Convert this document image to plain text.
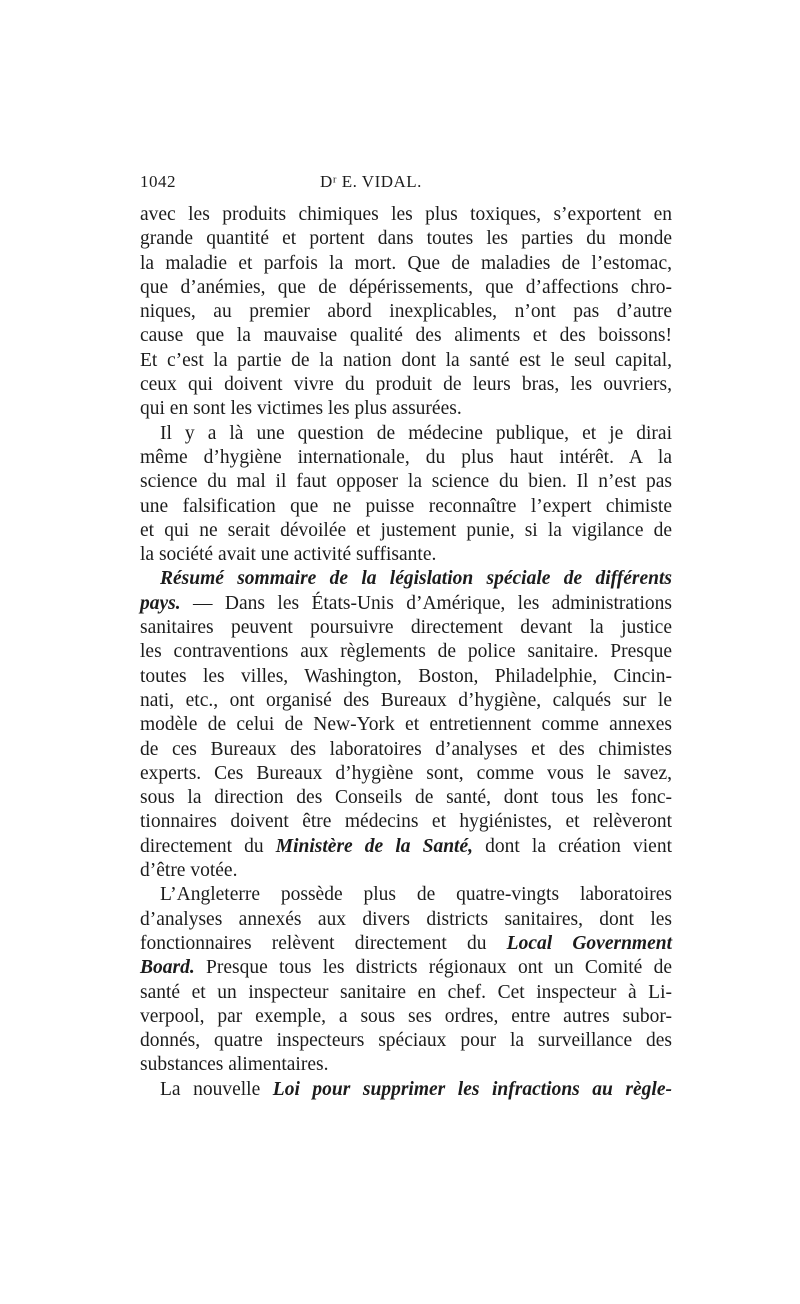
1042	Dʳ E. VIDAL.
avec les produits chimiques les plus toxiques, s’exportent en
grande quantité et portent dans toutes les parties du monde
la maladie et parfois la mort. Que de maladies de l’estomac,
que d’anémies, que de dépérissements, que d’affections chro-
niques, au premier abord inexplicables, n’ont pas d’autre
cause que la mauvaise qualité des aliments et des boissons!
Et c’est la partie de la nation dont la santé est le seul capital,
ceux qui doivent vivre du produit de leurs bras, les ouvriers,
qui en sont les victimes les plus assurées.
Il y a là une question de médecine publique, et je dirai
même d’hygiène internationale, du plus haut intérêt. A la
science du mal il faut opposer la science du bien. Il n’est pas
une falsification que ne puisse reconnaître l’expert chimiste
et qui ne serait dévoilée et justement punie, si la vigilance de
la société avait une activité suffisante.
Résumé sommaire de la législation spéciale de différents
pays. — Dans les États-Unis d’Amérique, les administrations
sanitaires peuvent poursuivre directement devant la justice
les contraventions aux règlements de police sanitaire. Presque
toutes les villes, Washington, Boston, Philadelphie, Cincin-
nati, etc., ont organisé des Bureaux d’hygiène, calqués sur le
modèle de celui de New-York et entretiennent comme annexes
de ces Bureaux des laboratoires d’analyses et des chimistes
experts. Ces Bureaux d’hygiène sont, comme vous le savez,
sous la direction des Conseils de santé, dont tous les fonc-
tionnaires doivent être médecins et hygiénistes, et relèveront
directement du Ministère de la Santé, dont la création vient
d’être votée.
L’Angleterre possède plus de quatre-vingts laboratoires
d’analyses annexés aux divers districts sanitaires, dont les
fonctionnaires relèvent directement du Local Government
Board. Presque tous les districts régionaux ont un Comité de
santé et un inspecteur sanitaire en chef. Cet inspecteur à Li-
verpool, par exemple, a sous ses ordres, entre autres subor-
donnés, quatre inspecteurs spéciaux pour la surveillance des
substances alimentaires.
La nouvelle Loi pour supprimer les infractions au règle-
